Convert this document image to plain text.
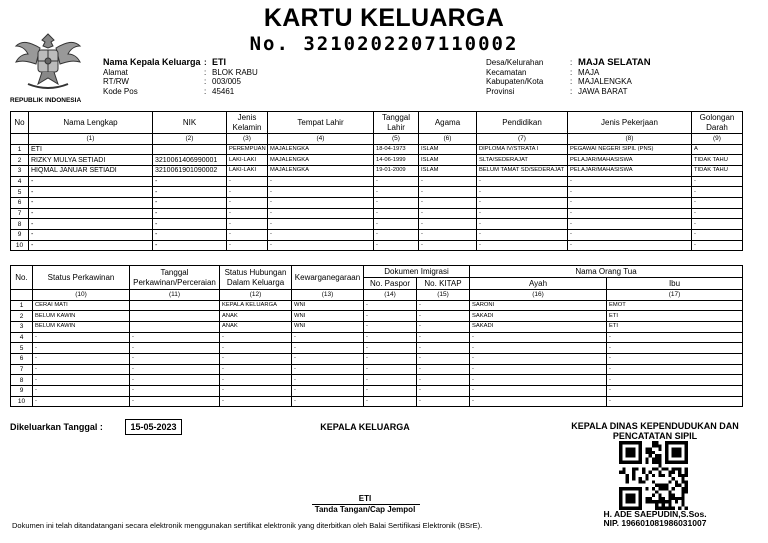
KARTU KELUARGA
No. 3210202207110002
REPUBLIK INDONESIA
Nama Kepala Keluarga : ETI
Alamat	: BLOK RABU
RT/RW	: 003/005
Kode Pos	: 45461
Desa/Kelurahan	: MAJA SELATAN
Kecamatan	: MAJA
Kabupaten/Kota	: MAJALENGKA
Provinsi	: JAWA BARAT
No	Nama Lengkap	NIK	Jenis Kelamin	Tempat Lahir	Tanggal Lahir	Agama	Pendidikan	Jenis Pekerjaan	Golongan Darah
	(1)	(2)	(3)	(4)	(5)	(6)	(7)	(8)	(9)
1	ETI		PEREMPUAN	MAJALENGKA	18-04-1973	ISLAM	DIPLOMA IV/STRATA I	PEGAWAI NEGERI SIPIL (PNS)	A
2	RIZKY MULYA SETIADI	3210061406990001	LAKI-LAKI	MAJALENGKA	14-06-1999	ISLAM	SLTA/SEDERAJAT	PELAJAR/MAHASISWA	TIDAK TAHU
3	HIQMAL JANUAR SETIADI	3210061901090002	LAKI-LAKI	MAJALENGKA	19-01-2009	ISLAM	BELUM TAMAT SD/SEDERAJAT	PELAJAR/MAHASISWA	TIDAK TAHU
4	-	-	-	-	-	-	-	-	-
5	-	-	-	-	-	-	-	-	-
6	-	-	-	-	-	-	-	-	-
7	-	-	-	-	-	-	-	-	-
8	-	-	-	-	-	-	-	-	-
9	-	-	-	-	-	-	-	-	-
10	-	-	-	-	-	-	-	-	-
No.	Status Perkawinan	Tanggal Perkawinan/Perceraian	Status Hubungan Dalam Keluarga	Kewarganegaraan	Dokumen Imigrasi		Nama Orang Tua	
					No. Paspor	No. KITAP	Ayah	Ibu
	(10)	(11)	(12)	(13)	(14)	(15)	(16)	(17)
1	CERAI MATI		KEPALA KELUARGA	WNI	-	-	SARONI	EMOT
2	BELUM KAWIN		ANAK	WNI	-	-	SAKADI	ETI
3	BELUM KAWIN		ANAK	WNI	-	-	SAKADI	ETI
4	-	-	-	-	-	-	-	-
5	-	-	-	-	-	-	-	-
6	-	-	-	-	-	-	-	-
7	-	-	-	-	-	-	-	-
8	-	-	-	-	-	-	-	-
9	-	-	-	-	-	-	-	-
10	-	-	-	-	-	-	-	-
Dikeluarkan Tanggal :	15-05-2023	KEPALA KELUARGA
ETI
Tanda Tangan/Cap Jempol
KEPALA DINAS KEPENDUDUKAN DAN PENCATATAN SIPIL
H. ADE SAEPUDIN,S.Sos.
NIP. 196601081986031007
Dokumen ini telah ditandatangani secara elektronik menggunakan sertifikat elektronik yang diterbitkan oleh Balai Sertifikasi Elektronik (BSrE).
